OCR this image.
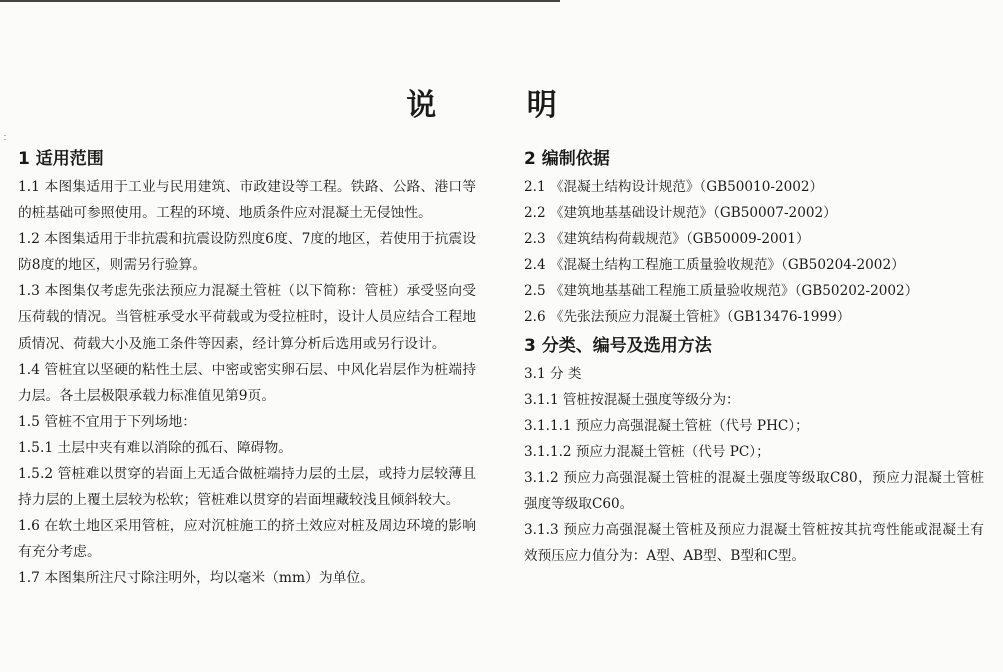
﹕
说 明
1 适用范围

1.1 本图集适用于工业与民用建筑、市政建设等工程。铁路、公路、港口等的桩基础可参照使用。工程的环境、地质条件应对混凝土无侵蚀性。

1.2 本图集适用于非抗震和抗震设防烈度6度、7度的地区，若使用于抗震设防8度的地区，则需另行验算。

1.3 本图集仅考虑先张法预应力混凝土管桩（以下简称：管桩）承受竖向受压荷载的情况。当管桩承受水平荷载或为受拉桩时，设计人员应结合工程地质情况、荷载大小及施工条件等因素，经计算分析后选用或另行设计。

1.4 管桩宜以坚硬的粘性土层、中密或密实卵石层、中风化岩层作为桩端持力层。各土层极限承载力标准值见第9页。

1.5 管桩不宜用于下列场地：

1.5.1 土层中夹有难以消除的孤石、障碍物。

1.5.2 管桩难以贯穿的岩面上无适合做桩端持力层的土层，或持力层较薄且持力层的上覆土层较为松软；管桩难以贯穿的岩面埋藏较浅且倾斜较大。

1.6 在软土地区采用管桩，应对沉桩施工的挤土效应对桩及周边环境的影响有充分考虑。

1.7 本图集所注尺寸除注明外，均以毫米（mm）为单位。

2 编制依据
2.1 《混凝土结构设计规范》（GB50010-2002）
2.2 《建筑地基基础设计规范》（GB50007-2002）
2.3 《建筑结构荷载规范》（GB50009-2001）
2.4 《混凝土结构工程施工质量验收规范》（GB50204-2002）
2.5 《建筑地基基础工程施工质量验收规范》（GB50202-2002）
2.6 《先张法预应力混凝土管桩》（GB13476-1999）
3 分类、编号及选用方法
3.1 分 类
3.1.1 管桩按混凝土强度等级分为：
3.1.1.1 预应力高强混凝土管桩（代号 PHC）；
3.1.1.2 预应力混凝土管桩（代号 PC）；

3.1.2 预应力高强混凝土管桩的混凝土强度等级取C80，预应力混凝土管桩强度等级取C60。

3.1.3 预应力高强混凝土管桩及预应力混凝土管桩按其抗弯性能或混凝土有效预压应力值分为：A型、AB型、B型和C型。
